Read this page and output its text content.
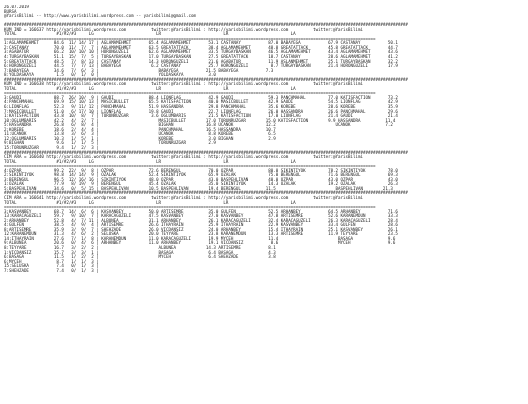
26.07.2019
BURSA
@YarisBilimi -- http://www.yarisbilimi.wordpress.com -- yarisbilimi@gmail.com
##################################################################################################################################################################
KUM IND = 166637 http://yarisbilimi.wordpress.com          twitter:@YarisBilimi : http://yarisbilimi.wordpress.com          twitter:@YarisBilimi
TOTAL                #1/#2/#3     LG                         LR                         LR                         LA
=====================================================================================================================================================
1:AGLAMAMEHMET      84.6  11/ 14/ 17 | AGLAMAMEHMET       65.4 AGLAMAMEHMET       53.1 CASTANAY           87.0 BABAYEGA           67.9 CASTANAY           50.1
2:CASTANAY          70.0  11/  7/  7 | AGLAMAMEHMET       63.5 GREATATTACK        38.4 AGLAMAMEHMET       48.8 GREATATTACK        45.8 GREATATTACK        44.7
3:AGABATUR          66.2  10/ 10/ 10 | HORONGUZELI        62.6 AGLAMAMEHMET       33.5 TURGAYBASKAN       46.5 AGLAMAMEHMET       43.4 AGLAMAMEHMET       43.6
4:TURGAYBASKAN      51.1  15/  7/  5 | TURGAYBASKAN       17.0 TURGAYBASKAN       27.5 GREATATTACK        18.7 CASTANAY           28.6 AGLAMAMEHMET       41.2
5:GREATATTACK       48.5   7/  8/ 13 | CASTANAY           14.3 HORONGUZELI        21.6 AGABATUR           11.9 ASLANMEHMET        25.1 TURGAYBASKAN       32.2
6:HORONGUZELI       44.5   7/  7/ 13 | BABAYEGA            6.2 CASTANAY           25.7 HORONGUZELI         8.7 TURGAYBASKAN       21.4 HORONGUZELI        17.9
7:BABAYEGA          34.6   7/  6/  3 |                        BABAYEGA           21.5 BABAYEGA           7.3
8:YOLDASKAYA         1.5   0/  1/  0 |                        YOLDASKAYA          3.0
##################################################################################################################################################################
KUM IND = 166638 http://yarisbilimi.wordpress.com          twitter:@YarisBilimi : http://yarisbilimi.wordpress.com          twitter:@YarisBilimi
TOTAL                #1/#2/#3     LG                         LR                         LR                         LA
=====================================================================================================================================================
3:GAUDI             88.7  26/ 10/  9 | GAUDI              88.4 LIONFLAG           42.9 GAUDI              59.3 PANCHMAHAL         77.0 KATISFACTION       73.2
4:PANCHMAHAL        69.9  15/ 10/ 13 | MASICBULLET        65.5 KATISFACTION       40.0 MASICBULLET        42.9 GAUDI              54.5 LIONFLAG           42.9
6:LIONFLAG          52.3   9/ 11/ 12 | PANCHMAHAL         51.9 HASSANDRA          29.8 PANCHMAHAL         35.6 KOREBE             28.6 KOREBE             35.9
7:MASICBULLET       51.0   6/ 17/ 10 | LIONFLAG           19.8 GAUDI              22.7 LIONFLAG           26.0 HASSANDRA          26.6 PANCHMAHAL         29.6
1:KATISFACTION      43.8  10/  8/  7 | TORUNRUZGAR         3.6 OGLUMBARIS         21.5 KATISFACTION       17.0 LIONFLAG           21.4 GAUDI              21.4
10:OGLUMBARIS       42.2   4/  2/  7 |                        MASICBULLET        17.0 TORUNRUZGAR        15.0 KATISFACTION        9.9 HASSANDRA          11.4
5:HASSANDRA         26.8   6/  8/  4 |                        BIGHAN             16.8 UCANOK             12.2                        UCANOK              7.2
2:KOREBE            18.6   2/  4/  4 |                        PANCHMAHAL         16.5 HASSANDRA          10.7
11:UCANOK           13.8   3/  6/  3 |                        UCANOK              8.8 KOREBE              6.5
12:OGLUMBARIS       10.3   1/  5/  1 |                        KOREBE              3.0 BIGHAN              2.9
9:BIGHAN             9.6   1/  1/  5 |                        TORUNRUZGAR         2.9
15:TORUNRUZGAR       9.4   1/  2/  3 |
##################################################################################################################################################################
CIM ARA = 166640 http://yarisbilimi.wordpress.com          twitter:@YarisBilimi : http://yarisbilimi.wordpress.com          twitter:@YarisBilimi
TOTAL                #1/#2/#3     LG                         LR                         LR                         LA
=====================================================================================================================================================
4:OZPAR             99.2  22/  9/  8 | OZPAR              72.6 BERENGUL           70.0 OZPAR              80.0 SIKINTIYOK         78.2 SIKINTIYOK         78.0
2:SIKINTIYOK        98.8  14/ 14/  9 | OZALAK             52.4 SIKINTIYOK         65.9 OZALAK             75.0 BERENGUL           71.6 BERENGUL           69.3
3:BERENGUL          96.5  12/ 16/ 16 | SIKINTIYOK         48.0 OZPAR              43.0 BASPEHLIVAN        40.0 OZPAR              43.0 OZPAR              43.0
1:OZALAK            77.9   8/ 19/  9 | BERENGUL           45.4 OZALAK             35.0 SIKINTIYOK         14.3 OZALAK             19.2 OZALAK             26.3
5:BASPEHLIVAN       34.6   0/  5/ 15 | BASPEHLIVAN        10.5 BASPEHLIVAN        19.4 BERENGUL          11.5                        BASPEHLIVAN        21.3
##################################################################################################################################################################
CIM ARA = 166641 http://yarisbilimi.wordpress.com          twitter:@YarisBilimi : http://yarisbilimi.wordpress.com          twitter:@YarisBilimi
TOTAL                #1/#2/#3     LG                         LR                         LR                         LA
=====================================================================================================================================================
3:KASVANBEY         68.7  14/  6/  6 | KASVANBEY          50.0 ARTISEMRE          35.0 GULFEN             52.5 ARHANBEY           64.5 ARHANBEY           71.6
13:KARACAGUZELI     59.7   9/ 10/  7 | KARACAGUZELI       47.5 KASVANBEY          27.0 KASVANBEY          47.8 ARTISEMRE          52.6 KARANEMDUN         33.3
2:ARHANBEY          52.8   4/  7/ 11 | ALBUNEA            31.1 ARHANBEY           26.1 KARACAGUZELI       32.4 KARACAGUZELI       26.3 KARACAGUZELI       28.4
4:GULFEN            38.5   4/  9/  4 | ARTISEMRE          26.6 ITHAYRAIN          25.9 ITHAYRAIN          22.9 KASVANBEY          33.4 GULFEN             28.6
8:ARTISEMRE         35.9   3/  9/  7 | SHEHZADE           26.0 VICDANSIZ          24.0 ARHANBEY           15.4 ITHAYRAIN          25.1 KASVANBEY          26.1
12:KARANEMDUN       31.3   4/  6/  2 | SELUSKA            20.0 TEYYARE            23.8 KARANEMDUN         13.3 ARTISEMRE          11.9 TEYYARE            23.5
14:ITHAYRAIN        27.6   7/  1/  8 | KARANEMDUN         11.0 KARACAGUZELI       19.9 MYCEH              11.4                        BASAGA              9.6
9:ALBUNEA           20.6   0/  4/  6 | ARHANBEY           11.0 ARHANBEY           19.1 VICDANSIZ           8.6                        MYCEH               9.6
8:TEYYARE           16.7   3/  2/  2 |                        ALBUNEA            14.3 ARTISEMRE           8.1
1:VICDANSIZ         15.7   3/  3/  1 |                        BASAGA              6.4 BASAGA              4.3
6:BASAGA            11.5   1/  2/  2 |                        MYCEH               6.4 SHEHZADE            3.8
6:MYCEH              8.7   1/  1/  3 |
15:SELUSKA           7.4   0/  1/  3 |
7:SHEHZADE           7.4   0/  1/  3 |
